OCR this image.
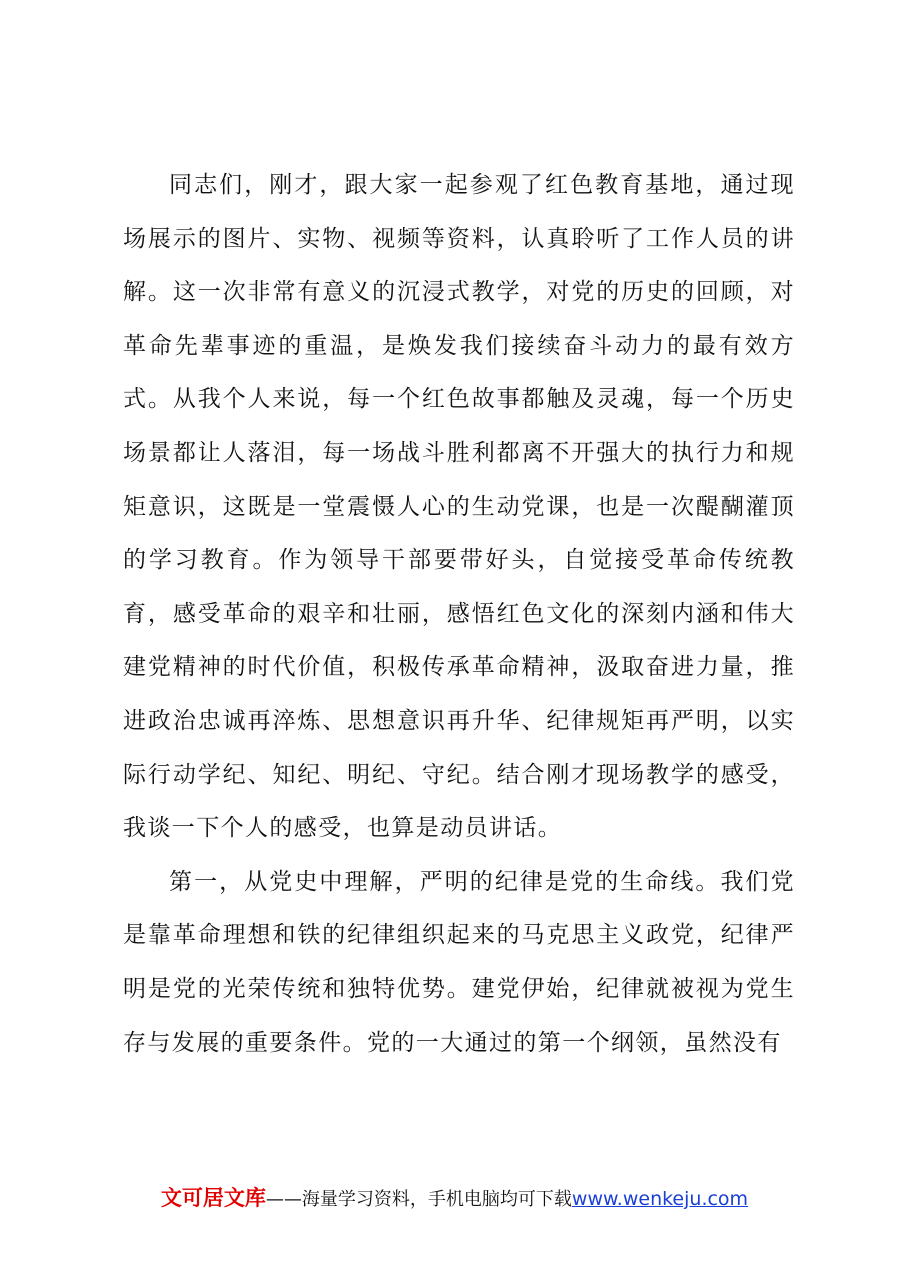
同志们，刚才，跟大家一起参观了红色教育基地，通过现场展示的图片、实物、视频等资料，认真聆听了工作人员的讲解。这一次非常有意义的沉浸式教学，对党的历史的回顾，对革命先辈事迹的重温，是焕发我们接续奋斗动力的最有效方式。从我个人来说，每一个红色故事都触及灵魂，每一个历史场景都让人落泪，每一场战斗胜利都离不开强大的执行力和规矩意识，这既是一堂震慑人心的生动党课，也是一次醍醐灌顶的学习教育。作为领导干部要带好头，自觉接受革命传统教育，感受革命的艰辛和壮丽，感悟红色文化的深刻内涵和伟大建党精神的时代价值，积极传承革命精神，汲取奋进力量，推进政治忠诚再淬炼、思想意识再升华、纪律规矩再严明，以实际行动学纪、知纪、明纪、守纪。结合刚才现场教学的感受，我谈一下个人的感受，也算是动员讲话。

第一，从党史中理解，严明的纪律是党的生命线。我们党是靠革命理想和铁的纪律组织起来的马克思主义政党，纪律严明是党的光荣传统和独特优势。建党伊始，纪律就被视为党生存与发展的重要条件。党的一大通过的第一个纲领，虽然没有

文可居文库——海量学习资料，手机电脑均可下载www.wenkeju.com
